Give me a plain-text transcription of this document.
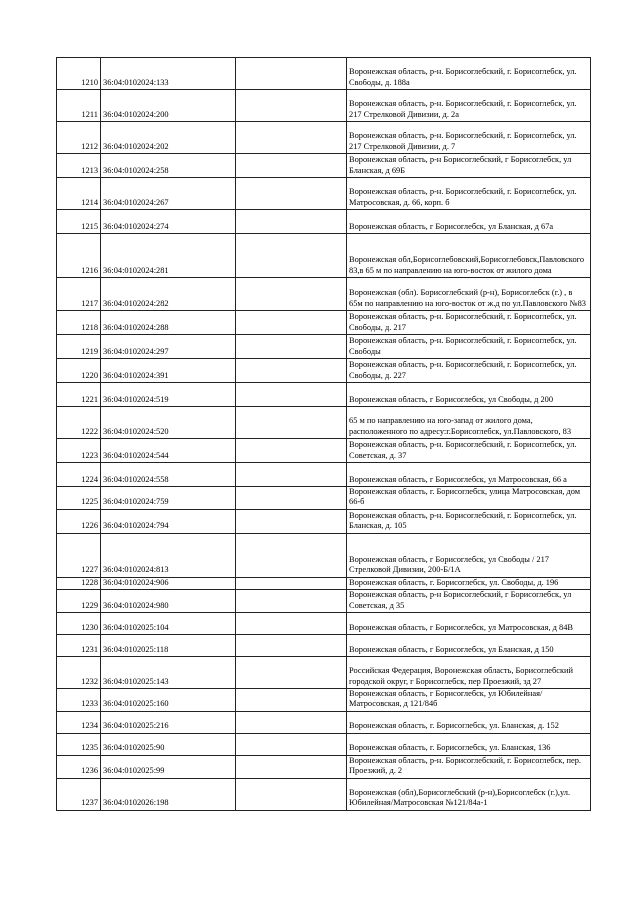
1210	36:04:0102024:133		Воронежская область, р-н. Борисоглебский, г. Борисоглебск, ул. Свободы, д. 188а
1211	36:04:0102024:200		Воронежская область, р-н. Борисоглебский, г. Борисоглебск, ул. 217 Стрелковой Дивизии, д. 2а
1212	36:04:0102024:202		Воронежская область, р-н. Борисоглебский, г. Борисоглебск, ул. 217 Стрелковой Дивизии, д. 7
1213	36:04:0102024:258		Воронежская область, р-н Борисоглебский, г Борисоглебск, ул Бланская, д 69Б
1214	36:04:0102024:267		Воронежская область, р-н. Борисоглебский, г. Борисоглебск, ул. Матросовская, д. 66, корп. б
1215	36:04:0102024:274		Воронежская область, г Борисоглебск, ул Бланская, д 67а
1216	36:04:0102024:281		Воронежская обл,Борисоглебовский,Борисоглебовск,Павловского 83,в 65 м по направлению на юго-восток от жилого дома
1217	36:04:0102024:282		Воронежская (обл). Борисоглебский (р-н), Борисоглебск (г.) , в 65м по направлению на юго-восток от ж.д по ул.Павловского №83
1218	36:04:0102024:288		Воронежская область, р-н. Борисоглебский, г. Борисоглебск, ул. Свободы, д. 217
1219	36:04:0102024:297		Воронежская область, р-н. Борисоглебский, г. Борисоглебск, ул. Свободы
1220	36:04:0102024:391		Воронежская область, р-н. Борисоглебский, г. Борисоглебск, ул. Свободы, д. 227
1221	36:04:0102024:519		Воронежская область, г Борисоглебск, ул Свободы, д 200
1222	36:04:0102024:520		65 м по направлению на юго-запад от жилого дома, расположенного по адресу:г.Борисоглебск, ул.Павловского, 83
1223	36:04:0102024:544		Воронежская область, р-н. Борисоглебский, г. Борисоглебск, ул. Советская, д. 37
1224	36:04:0102024:558		Воронежская область, г Борисоглебск, ул Матросовская, 66 а
1225	36:04:0102024:759		Воронежская область, г. Борисоглебск, улица Матросовская, дом 66-б
1226	36:04:0102024:794		Воронежская область, р-н. Борисоглебский, г. Борисоглебск, ул. Бланская, д. 105
1227	36:04:0102024:813		Воронежская область, г Борисоглебск, ул Свободы / 217 Стрелковой Дивизии, 200-Б/1А
1228	36:04:0102024:906		Воронежская область, г. Борисоглебск, ул. Свободы, д. 196
1229	36:04:0102024:980		Воронежская область, р-н Борисоглебский, г Борисоглебск, ул Советская, д 35
1230	36:04:0102025:104		Воронежская область, г Борисоглебск, ул Матросовская, д 84В
1231	36:04:0102025:118		Воронежская область, г Борисоглебск, ул Бланская, д 150
1232	36:04:0102025:143		Российская Федерация, Воронежская область, Борисоглебский городской округ, г Борисоглебск, пер Проезжий, зд 27
1233	36:04:0102025:160		Воронежская область, г Борисоглебск, ул Юбилейная/Матросовская, д 121/84б
1234	36:04:0102025:216		Воронежская область, г. Борисоглебск, ул. Бланская, д. 152
1235	36:04:0102025:90		Воронежская область, г. Борисоглебск, ул. Бланская, 136
1236	36:04:0102025:99		Воронежская область, р-н. Борисоглебский, г. Борисоглебск, пер. Проезжий, д. 2
1237	36:04:0102026:198		Воронежская (обл),Борисоглебский (р-н),Борисоглебск (г.),ул. Юбилейная/Матросовская №121/84а-1
